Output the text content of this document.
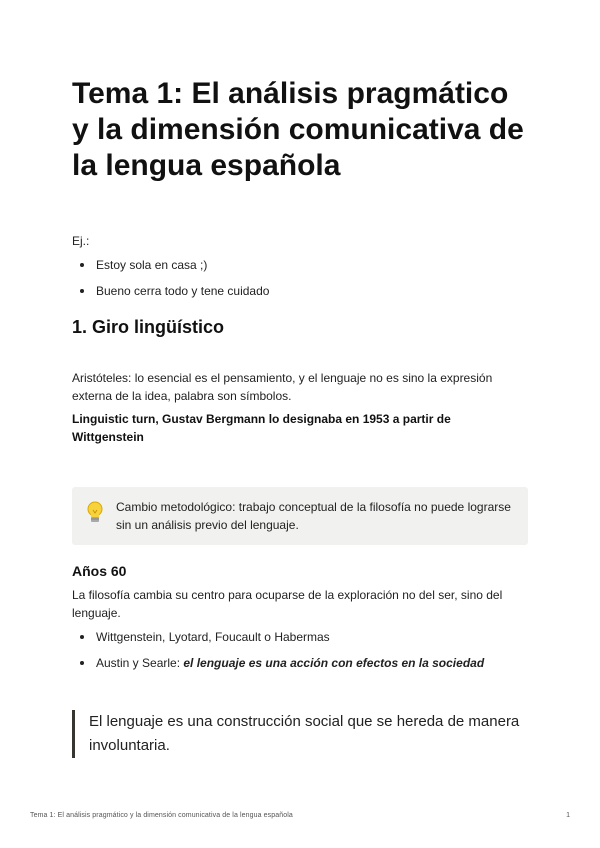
Tema 1: El análisis pragmático y la dimensión comunicativa de la lengua española

Ej.:

Estoy sola en casa ;)
Bueno cerra todo y tene cuidado
1. Giro lingüístico

Aristóteles: lo esencial es el pensamiento, y el lenguaje no es sino la expresión externa de la idea, palabra son símbolos.

Linguistic turn, Gustav Bergmann lo designaba en 1953 a partir de Wittgenstein

Cambio metodológico: trabajo conceptual de la filosofía no puede lograrse sin un análisis previo del lenguaje.
Años 60

La filosofía cambia su centro para ocuparse de la exploración no del ser, sino del lenguaje.

Wittgenstein, Lyotard, Foucault o Habermas
Austin y Searle: el lenguaje es una acción con efectos en la sociedad
El lenguaje es una construcción social que se hereda de manera involuntaria.
Tema 1: El análisis pragmático y la dimensión comunicativa de la lengua española	1
